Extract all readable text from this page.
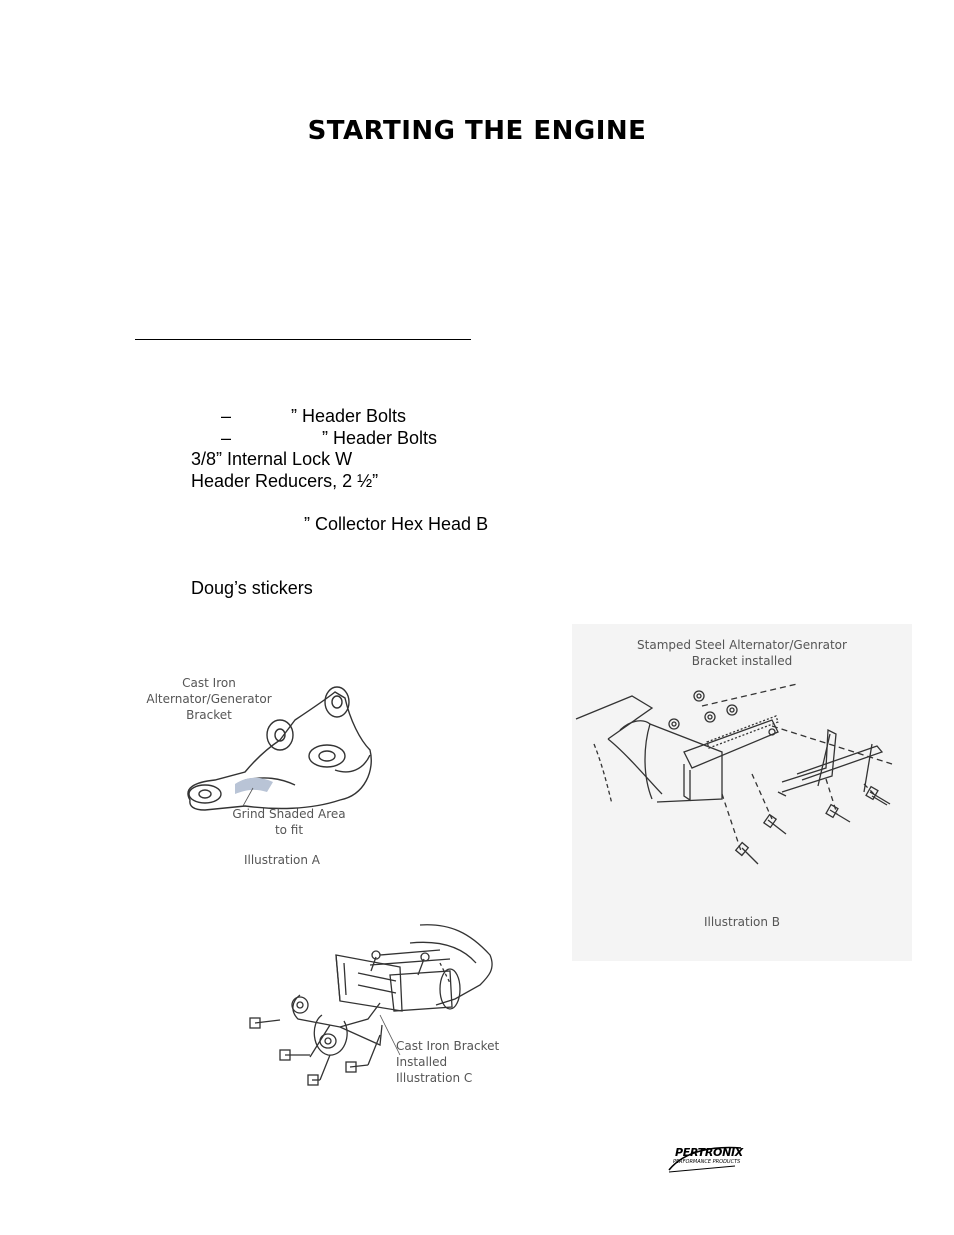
STARTING THE ENGINE
–	” Header Bolts
–	” Header Bolts
3/8” Internal Lock W
Header Reducers, 2 ½”
” Collector Hex Head B
Doug’s stickers
Cast Iron
Alternator/Generator
Bracket
Grind Shaded Area
to fit
Illustration A
Stamped Steel Alternator/Genrator
Bracket installed
Illustration B
Cast Iron Bracket
Installed
Illustration C
PERTRONIX
PERFORMANCE PRODUCTS
